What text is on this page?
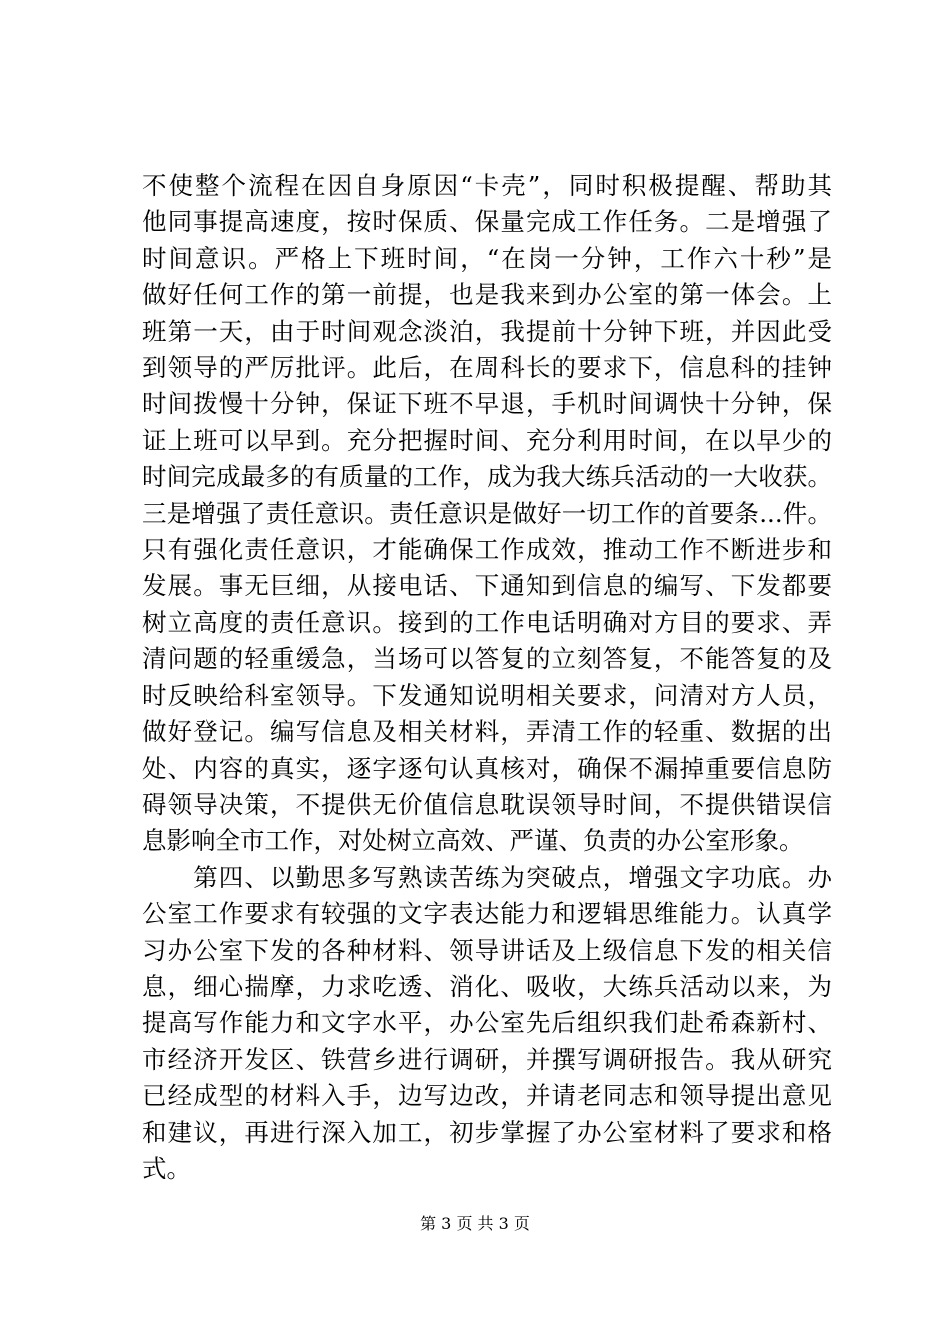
不使整个流程在因自身原因“卡壳”，同时积极提醒、帮助其
他同事提高速度，按时保质、保量完成工作任务。二是增强了
时间意识。严格上下班时间，“在岗一分钟，工作六十秒”是
做好任何工作的第一前提，也是我来到办公室的第一体会。上
班第一天，由于时间观念淡泊，我提前十分钟下班，并因此受
到领导的严厉批评。此后，在周科长的要求下，信息科的挂钟
时间拨慢十分钟，保证下班不早退，手机时间调快十分钟，保
证上班可以早到。充分把握时间、充分利用时间，在以早少的
时间完成最多的有质量的工作，成为我大练兵活动的一大收获。
三是增强了责任意识。责任意识是做好一切工作的首要条...件。
只有强化责任意识，才能确保工作成效，推动工作不断进步和
发展。事无巨细，从接电话、下通知到信息的编写、下发都要
树立高度的责任意识。接到的工作电话明确对方目的要求、弄
清问题的轻重缓急，当场可以答复的立刻答复，不能答复的及
时反映给科室领导。下发通知说明相关要求，问清对方人员，
做好登记。编写信息及相关材料，弄清工作的轻重、数据的出
处、内容的真实，逐字逐句认真核对，确保不漏掉重要信息防
碍领导决策，不提供无价值信息耽误领导时间，不提供错误信
息影响全市工作，对处树立高效、严谨、负责的办公室形象。
　　第四、以勤思多写熟读苦练为突破点，增强文字功底。办
公室工作要求有较强的文字表达能力和逻辑思维能力。认真学
习办公室下发的各种材料、领导讲话及上级信息下发的相关信
息，细心揣摩，力求吃透、消化、吸收，大练兵活动以来，为
提高写作能力和文字水平，办公室先后组织我们赴希森新村、
市经济开发区、铁营乡进行调研，并撰写调研报告。我从研究
已经成型的材料入手，边写边改，并请老同志和领导提出意见
和建议，再进行深入加工，初步掌握了办公室材料了要求和格
式。
第 3 页 共 3 页
